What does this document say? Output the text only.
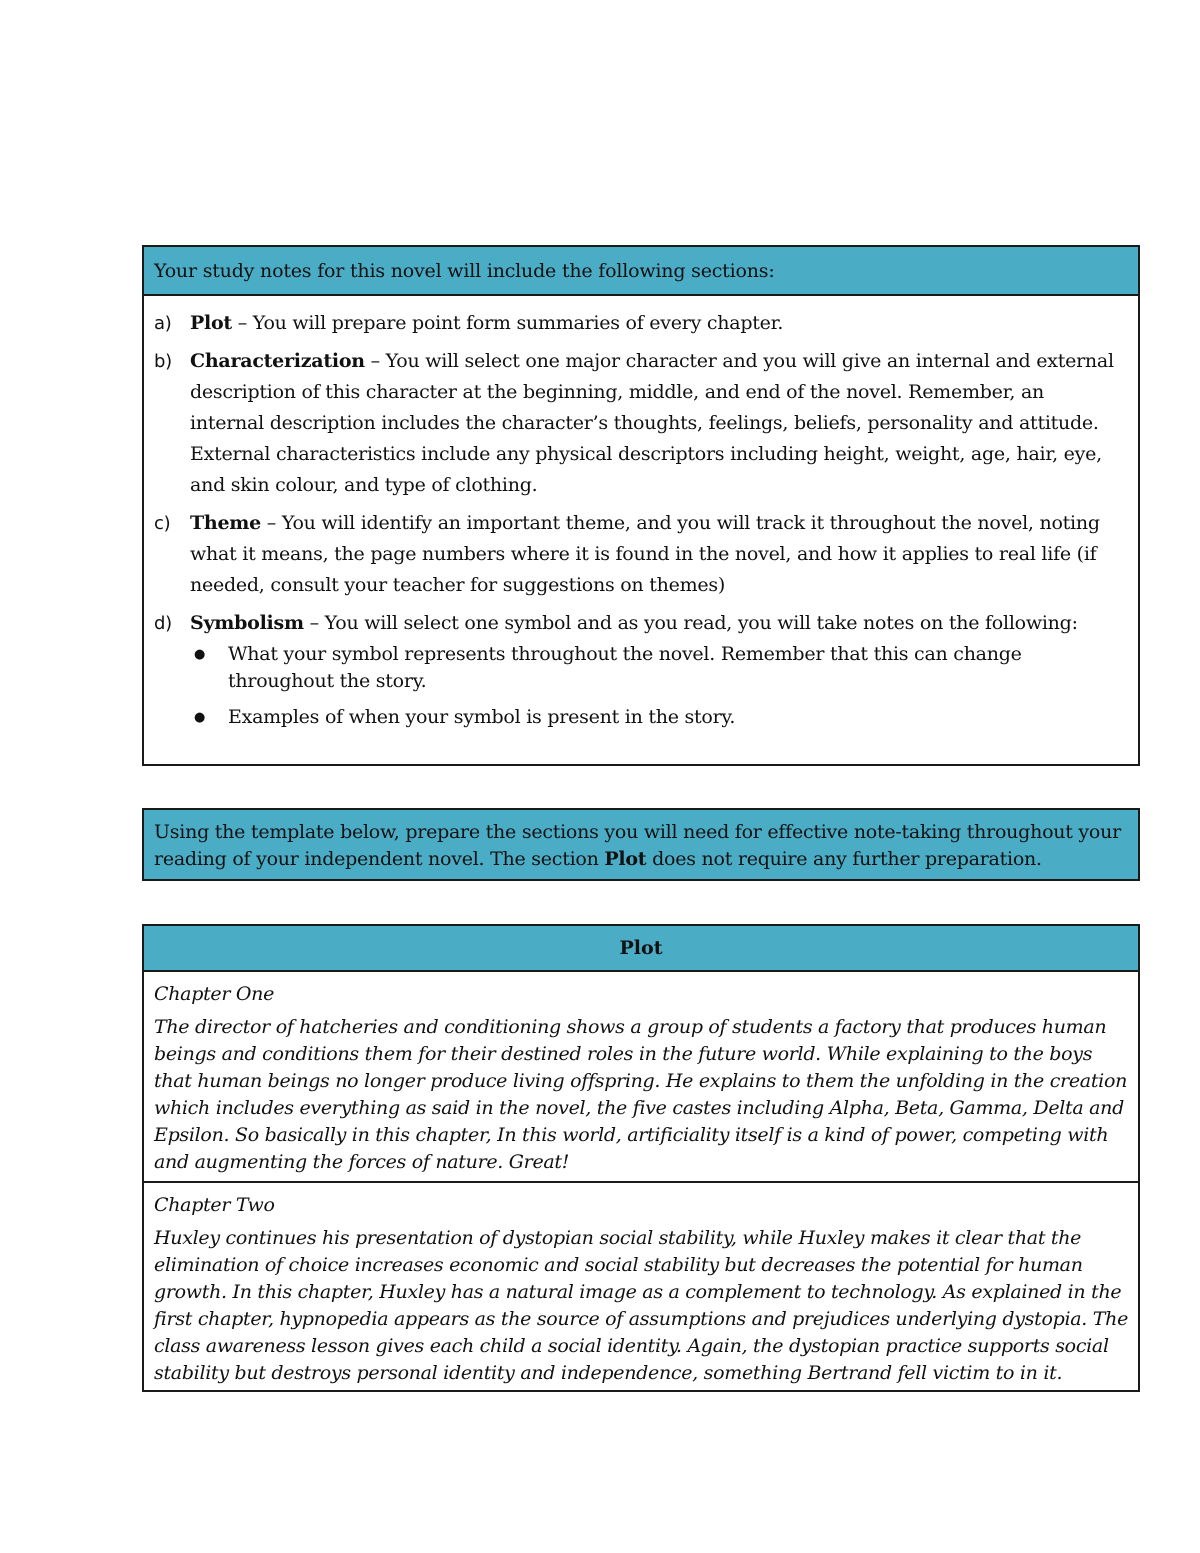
Your study notes for this novel will include the following sections:
a) Plot – You will prepare point form summaries of every chapter.
b) Characterization – You will select one major character and you will give an internal and external description of this character at the beginning, middle, and end of the novel. Remember, an internal description includes the character’s thoughts, feelings, beliefs, personality and attitude. External characteristics include any physical descriptors including height, weight, age, hair, eye, and skin colour, and type of clothing.
c)	Theme – You will identify an important theme, and you will track it throughout the novel, noting what it means, the page numbers where it is found in the novel, and how it applies to real life (if needed, consult your teacher for suggestions on themes)
d) Symbolism – You will select one symbol and as you read, you will take notes on the following:
●	What your symbol represents throughout the novel. Remember that this can change throughout the story.
●	Examples of when your symbol is present in the story.
Using the template below, prepare the sections you will need for effective note-taking throughout your reading of your independent novel. The section Plot does not require any further preparation.
Plot
Chapter One
The director of hatcheries and conditioning shows a group of students a factory that produces human beings and conditions them for their destined roles in the future world. While explaining to the boys that human beings no longer produce living offspring. He explains to them the unfolding in the creation which includes everything as said in the novel, the five castes including Alpha, Beta, Gamma, Delta and Epsilon. So basically in this chapter, In this world, artificiality itself is a kind of power, competing with and augmenting the forces of nature. Great!
Chapter Two
Huxley continues his presentation of dystopian social stability, while Huxley makes it clear that the elimination of choice increases economic and social stability but decreases the potential for human growth. In this chapter, Huxley has a natural image as a complement to technology. As explained in the first chapter, hypnopedia appears as the source of assumptions and prejudices underlying dystopia. The class awareness lesson gives each child a social identity. Again, the dystopian practice supports social stability but destroys personal identity and independence, something Bertrand fell victim to in it.
